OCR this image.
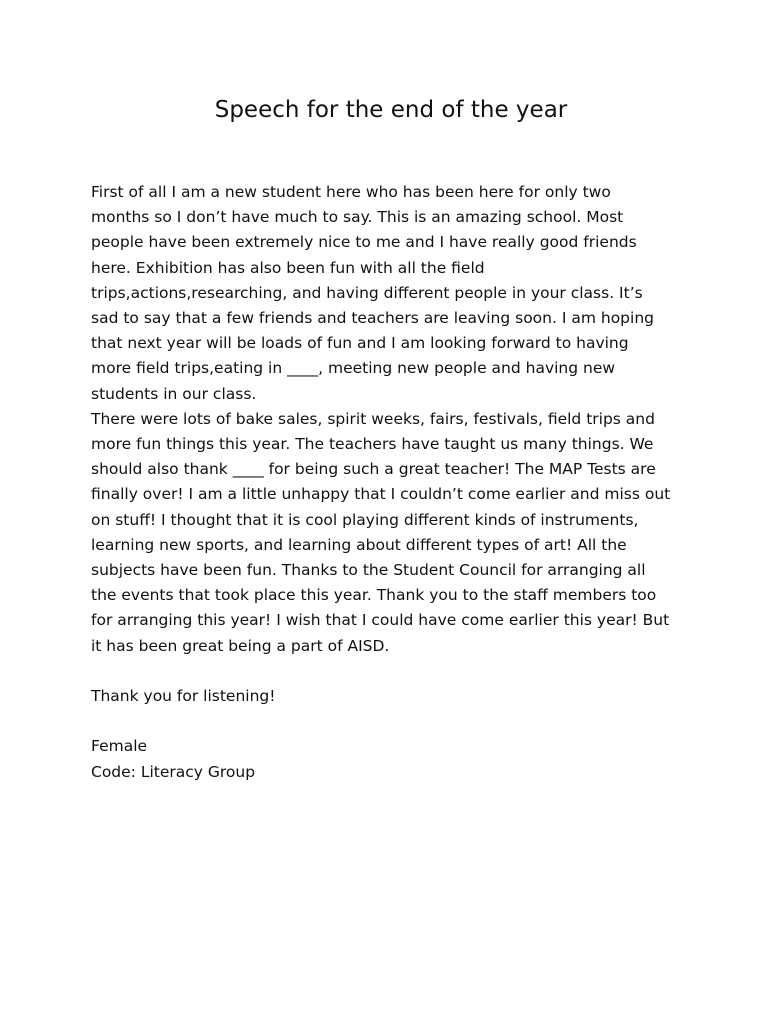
Speech for the end of the year
First of all I am a new student here who has been here for only two
months so I don’t have much to say. This is an amazing school. Most
people have been extremely nice to me and I have really good friends
here. Exhibition has also been fun with all the field
trips,actions,researching, and having different people in your class. It’s
sad to say that a few friends and teachers are leaving soon. I am hoping
that next year will be loads of fun and I am looking forward to having
more field trips,eating in ____, meeting new people and having new
students in our class.
There were lots of bake sales, spirit weeks, fairs, festivals, field trips and
more fun things this year. The teachers have taught us many things. We
should also thank ____ for being such a great teacher! The MAP Tests are
finally over! I am a little unhappy that I couldn’t come earlier and miss out
on stuff! I thought that it is cool playing different kinds of instruments,
learning new sports, and learning about different types of art! All the
subjects have been fun. Thanks to the Student Council for arranging all
the events that took place this year. Thank you to the staff members too
for arranging this year! I wish that I could have come earlier this year! But
it has been great being a part of AISD.
Thank you for listening!
Female
Code: Literacy Group
